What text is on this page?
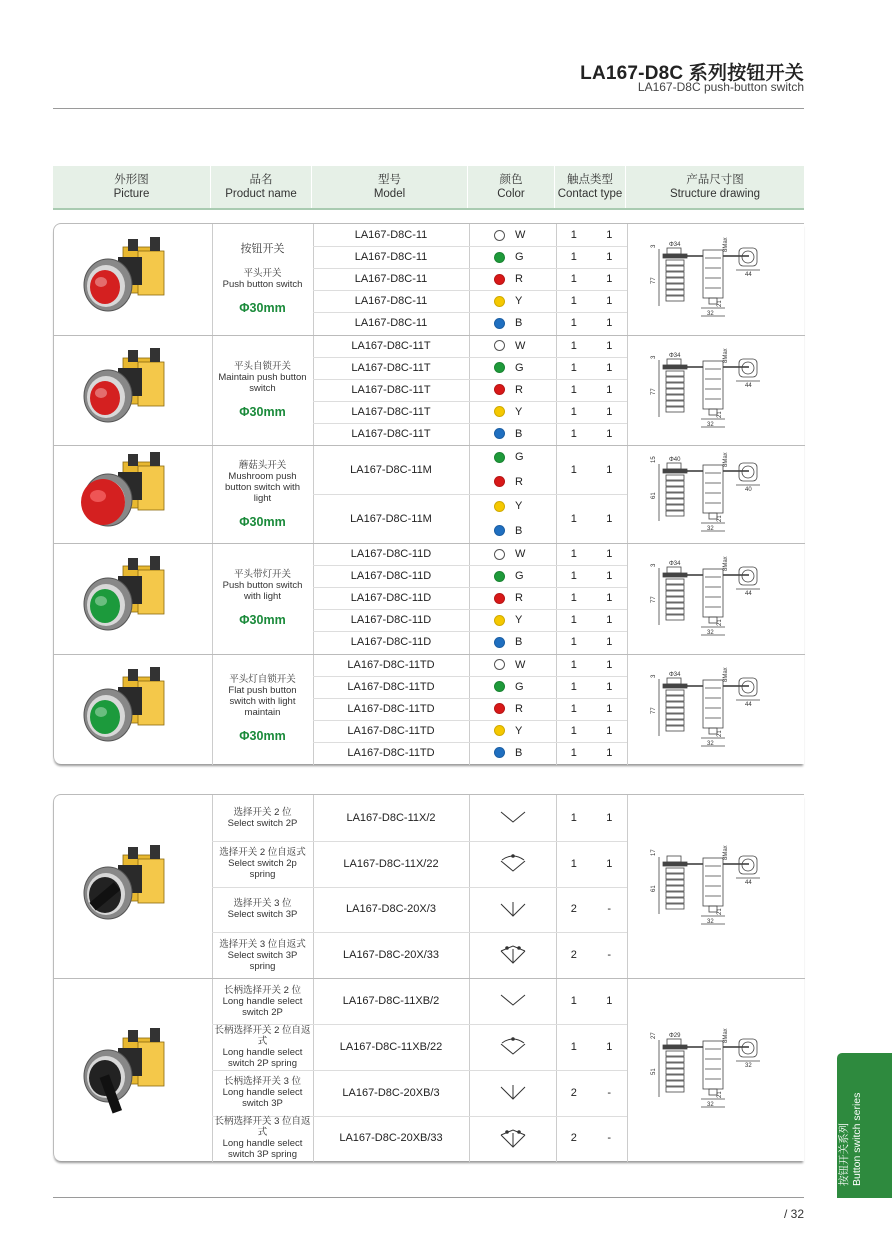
LA167-D8C 系列按钮开关
LA167-D8C push-button switch
外形图
Picture
品名
Product name
型号
Model
颜色
Color
触点类型
Contact type
产品尺寸图
Structure drawing
按钮开关
平头开关
Push button switch
Φ30mm
Φ34
3
77
8Max
21
32
44
LA167-D8C-11	W	1	1
LA167-D8C-11	G	1	1
LA167-D8C-11	R	1	1
LA167-D8C-11	Y	1	1
LA167-D8C-11	B	1	1
平头自锁开关
Maintain push button
switch
Φ30mm
Φ34
3
77
8Max
21
32
44
LA167-D8C-11T	W	1	1
LA167-D8C-11T	G	1	1
LA167-D8C-11T	R	1	1
LA167-D8C-11T	Y	1	1
LA167-D8C-11T	B	1	1
蘑菇头开关
Mushroom push
button switch with
light
Φ30mm
Φ40
15
61
8Max
21
32
40
LA167-D8C-11M
G
R
1	1
LA167-D8C-11M
Y
B
1	1
平头带灯开关
Push button switch
with light
Φ30mm
Φ34
3
77
8Max
21
32
44
LA167-D8C-11D	W	1	1
LA167-D8C-11D	G	1	1
LA167-D8C-11D	R	1	1
LA167-D8C-11D	Y	1	1
LA167-D8C-11D	B	1	1
平头灯自锁开关
Flat push button
switch with light
maintain
Φ30mm
Φ34
3
77
8Max
21
32
44
LA167-D8C-11TD	W	1	1
LA167-D8C-11TD	G	1	1
LA167-D8C-11TD	R	1	1
LA167-D8C-11TD	Y	1	1
LA167-D8C-11TD	B	1	1
17
61
8Max
21
32
44
选择开关 2 位
Select switch 2P	LA167-D8C-11X/2	1	1
选择开关 2 位自返式
Select switch 2p
spring
LA167-D8C-11X/22	1	1
选择开关 3 位
Select switch 3P	LA167-D8C-20X/3	2	-
选择开关 3 位自返式
Select switch 3P
spring
LA167-D8C-20X/33	2	-
Φ29
27
51
8Max
21
32
32
长柄选择开关 2 位
Long handle select
switch 2P
LA167-D8C-11XB/2	1	1
长柄选择开关 2 位自返式
Long handle select
switch 2P spring
LA167-D8C-11XB/22	1	1
长柄选择开关 3 位
Long handle select
switch 3P
LA167-D8C-20XB/3	2	-
长柄选择开关 3 位自返式
Long handle select
switch 3P spring
LA167-D8C-20XB/33	2	-
/ 32
按钮开关系列 Button switch series
